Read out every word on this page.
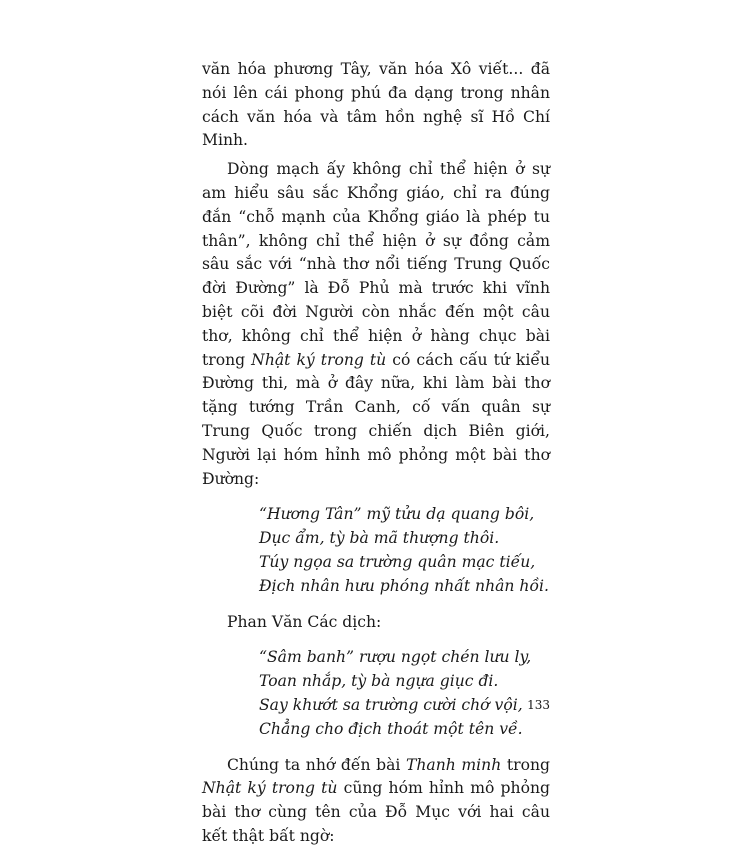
văn hóa phương Tây, văn hóa Xô viết... đã nói lên cái phong phú đa dạng trong nhân cách văn hóa và tâm hồn nghệ sĩ Hồ Chí Minh.

Dòng mạch ấy không chỉ thể hiện ở sự am hiểu sâu sắc Khổng giáo, chỉ ra đúng đắn “chỗ mạnh của Khổng giáo là phép tu thân”, không chỉ thể hiện ở sự đồng cảm sâu sắc với “nhà thơ nổi tiếng Trung Quốc đời Đường” là Đỗ Phủ mà trước khi vĩnh biệt cõi đời Người còn nhắc đến một câu thơ, không chỉ thể hiện ở hàng chục bài trong Nhật ký trong tù có cách cấu tứ kiểu Đường thi, mà ở đây nữa, khi làm bài thơ tặng tướng Trần Canh, cố vấn quân sự Trung Quốc trong chiến dịch Biên giới, Người lại hóm hỉnh mô phỏng một bài thơ Đường:

“Hương Tân” mỹ tửu dạ quang bôi,
Dục ẩm, tỳ bà mã thượng thôi.
Túy ngọa sa trường quân mạc tiếu,
Địch nhân hưu phóng nhất nhân hồi.

Phan Văn Các dịch:

“Sâm banh” rượu ngọt chén lưu ly,
Toan nhắp, tỳ bà ngựa giục đi.
Say khướt sa trường cười chớ vội,
Chẳng cho địch thoát một tên về.

Chúng ta nhớ đến bài Thanh minh trong Nhật ký trong tù cũng hóm hỉnh mô phỏng bài thơ cùng tên của Đỗ Mục với hai câu kết thật bất ngờ:

133
